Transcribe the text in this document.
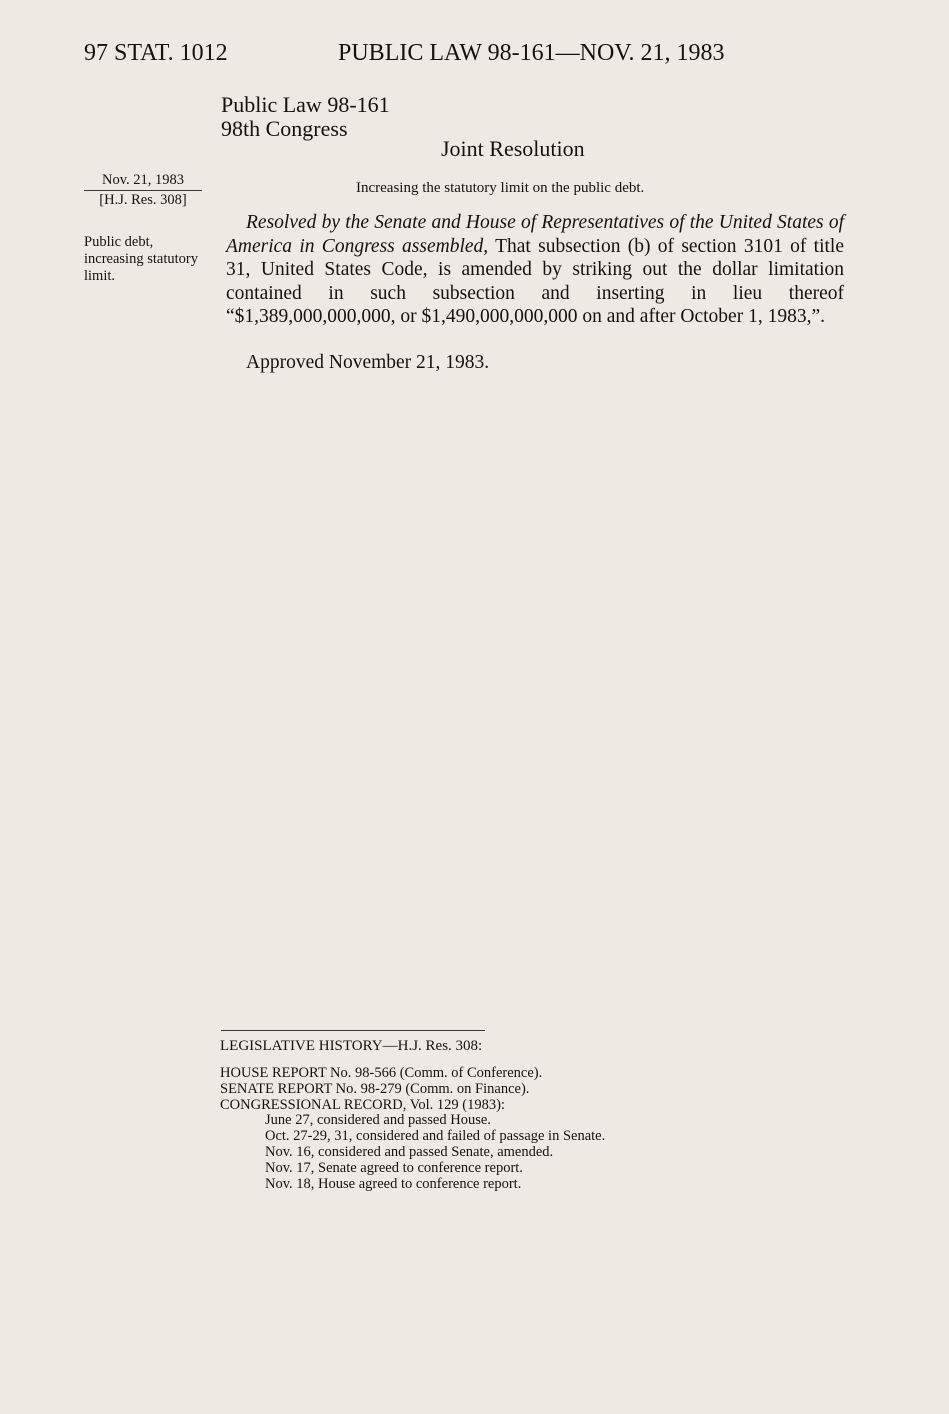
97 STAT. 1012	PUBLIC LAW 98-161—NOV. 21, 1983
Public Law 98-161
98th Congress
Joint Resolution
Nov. 21, 1983
[H.J. Res. 308]
Public debt, increasing statutory limit.
Increasing the statutory limit on the public debt.
Resolved by the Senate and House of Representatives of the United States of America in Congress assembled, That subsection (b) of section 3101 of title 31, United States Code, is amended by striking out the dollar limitation contained in such subsection and inserting in lieu thereof “$1,389,000,000,000, or $1,490,000,000,000 on and after October 1, 1983,”.
Approved November 21, 1983.
LEGISLATIVE HISTORY—H.J. Res. 308:
HOUSE REPORT No. 98-566 (Comm. of Conference).
SENATE REPORT No. 98-279 (Comm. on Finance).
CONGRESSIONAL RECORD, Vol. 129 (1983):
June 27, considered and passed House.
Oct. 27-29, 31, considered and failed of passage in Senate.
Nov. 16, considered and passed Senate, amended.
Nov. 17, Senate agreed to conference report.
Nov. 18, House agreed to conference report.
